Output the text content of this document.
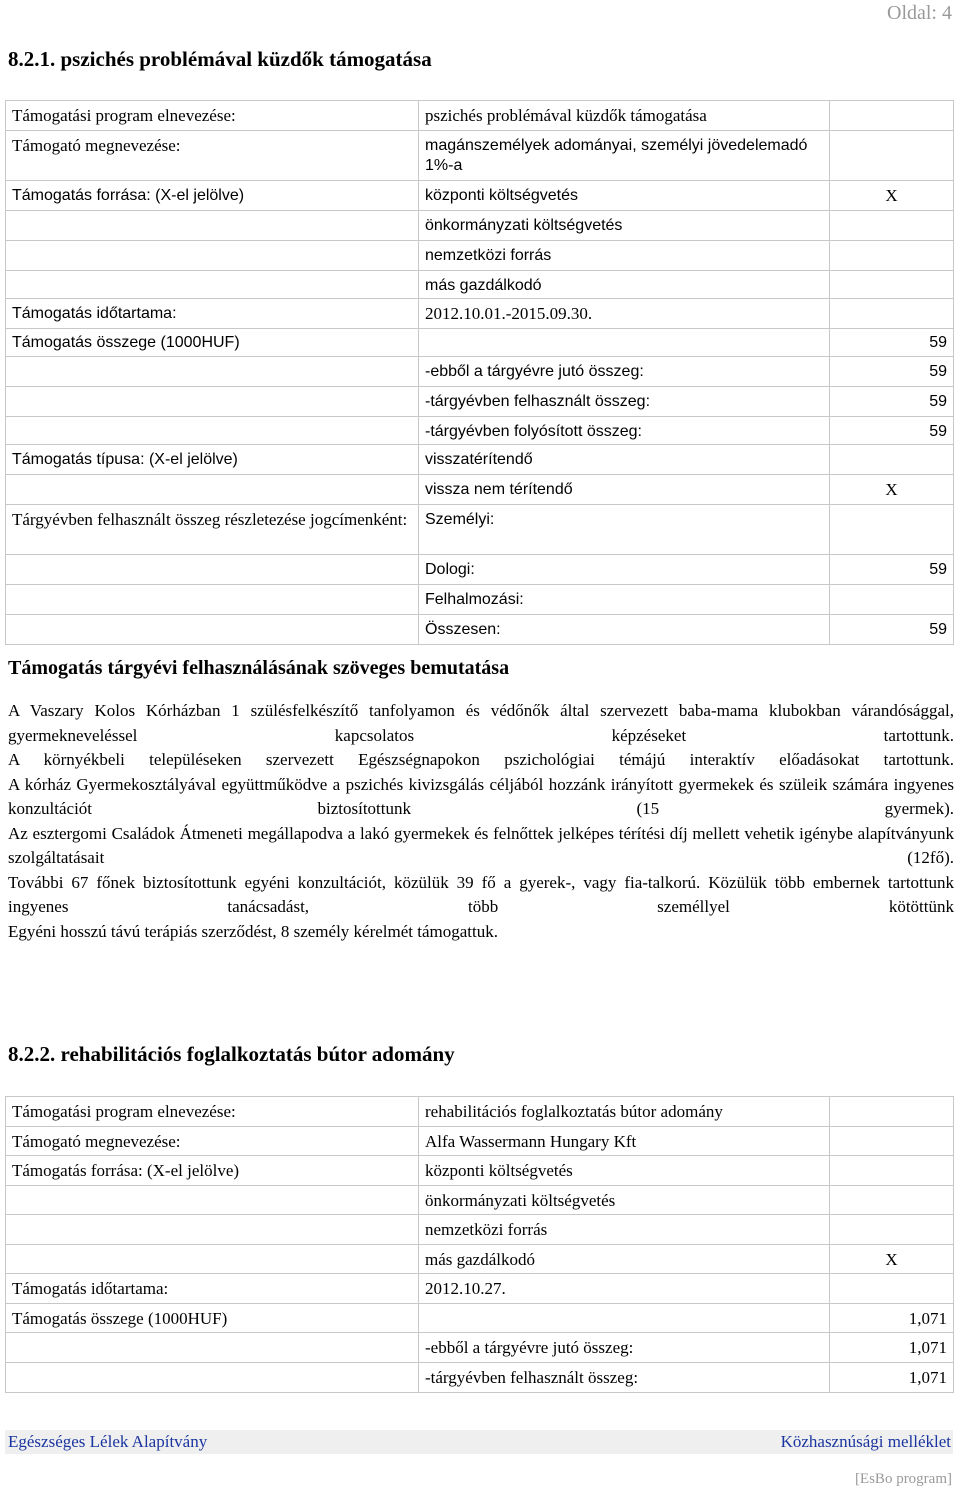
Oldal: 4
8.2.1. pszichés problémával küzdők támogatása
Támogatási program elnevezése:	pszichés problémával küzdők támogatása	
Támogató megnevezése:	magánszemélyek adományai, személyi jövedelemadó 1%-a	
Támogatás forrása: (X-el jelölve)	központi költségvetés	X
	önkormányzati költségvetés	
	nemzetközi forrás	
	más gazdálkodó	
Támogatás időtartama:	2012.10.01.-2015.09.30.	
Támogatás összege (1000HUF)		59
	-ebből a tárgyévre jutó összeg:	59
	-tárgyévben felhasznált összeg:	59
	-tárgyévben folyósított összeg:	59
Támogatás típusa: (X-el jelölve)	visszatérítendő	
	vissza nem térítendő	X
Tárgyévben felhasznált összeg részletezése jogcímenként:	Személyi:	
	Dologi:	59
	Felhalmozási:	
	Összesen:	59
Támogatás tárgyévi felhasználásának szöveges bemutatása

A Vaszary Kolos Kórházban 1 szülésfelkészítő tanfolyamon és védőnők által szervezett baba-mama klubokban várandósággal, gyermekneveléssel kapcsolatos képzéseket tartottunk.

A környékbeli településeken szervezett Egészségnapokon pszichológiai témájú interaktív előadásokat tartottunk.

A kórház Gyermekosztályával együttműködve a pszichés kivizsgálás céljából hozzánk irányított gyermekek és szüleik számára ingyenes konzultációt biztosítottunk (15 gyermek).

Az esztergomi Családok Átmeneti megállapodva a lakó gyermekek és felnőttek jelképes térítési díj mellett vehetik igénybe alapítványunk szolgáltatásait (12fő).

További 67 főnek biztosítottunk egyéni konzultációt, közülük 39 fő a gyerek-, vagy fia-talkorú. Közülük több embernek tartottunk ingyenes tanácsadást, több személlyel kötöttünk

Egyéni hosszú távú terápiás szerződést, 8 személy kérelmét támogattuk.

8.2.2. rehabilitációs foglalkoztatás bútor adomány
Támogatási program elnevezése:	rehabilitációs foglalkoztatás bútor adomány	
Támogató megnevezése:	Alfa Wassermann Hungary Kft	
Támogatás forrása: (X-el jelölve)	központi költségvetés	
	önkormányzati költségvetés	
	nemzetközi forrás	
	más gazdálkodó	X
Támogatás időtartama:	2012.10.27.	
Támogatás összege (1000HUF)		1,071
	-ebből a tárgyévre jutó összeg:	1,071
	-tárgyévben felhasznált összeg:	1,071
Egészséges Lélek Alapítvány	Közhasznúsági melléklet
[EsBo program]
